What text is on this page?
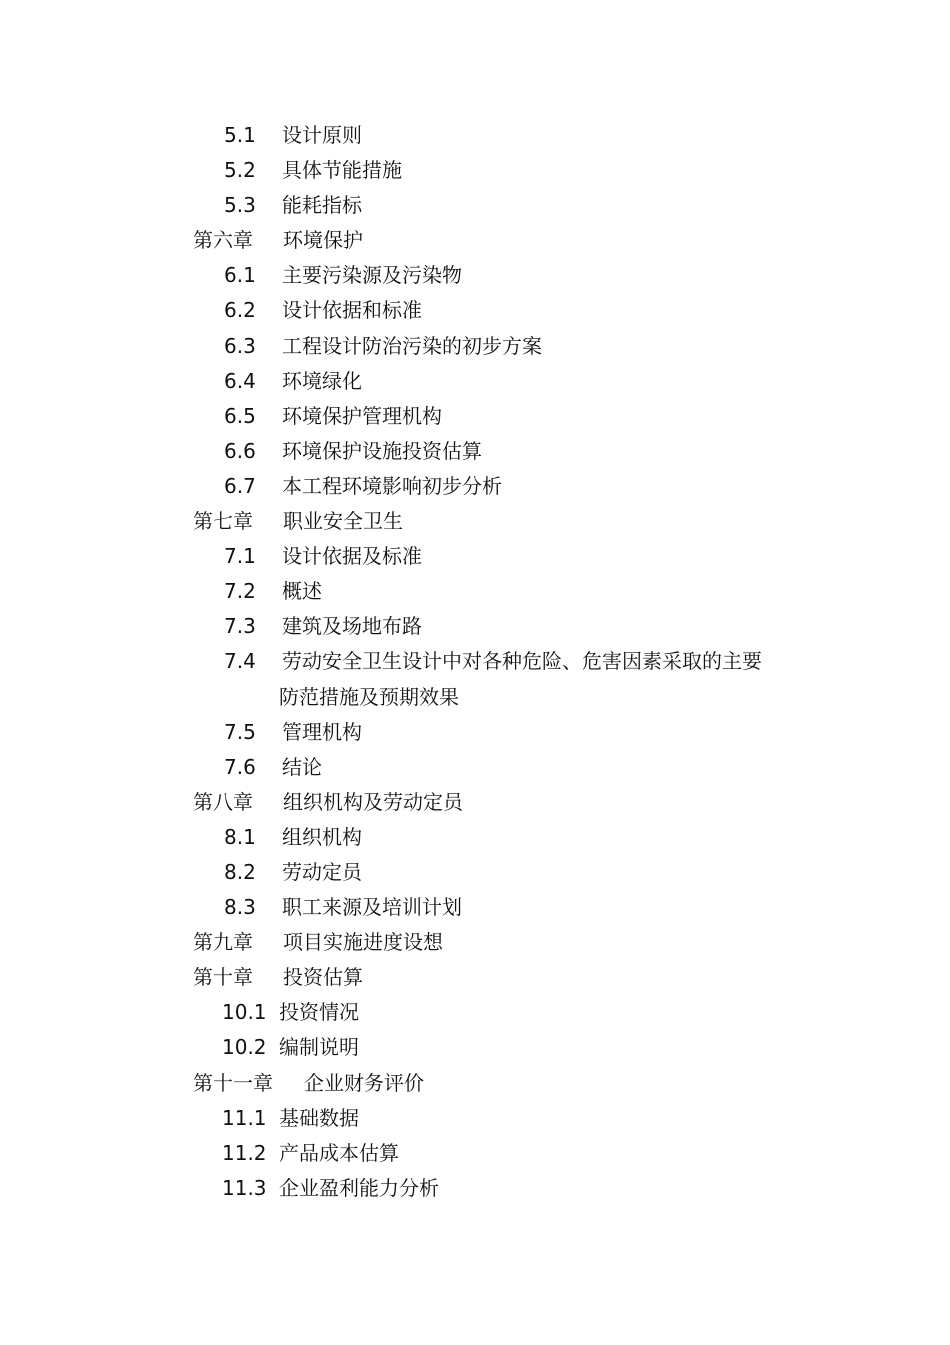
5.1 设计原则
5.2 具体节能措施
5.3 能耗指标
第六章 环境保护
6.1 主要污染源及污染物
6.2 设计依据和标准
6.3 工程设计防治污染的初步方案
6.4 环境绿化
6.5 环境保护管理机构
6.6 环境保护设施投资估算
6.7 本工程环境影响初步分析
第七章 职业安全卫生
7.1 设计依据及标准
7.2 概述
7.3 建筑及场地布路
7.4 劳动安全卫生设计中对各种危险、危害因素采取的主要
防范措施及预期效果
7.5 管理机构
7.6 结论
第八章 组织机构及劳动定员
8.1 组织机构
8.2 劳动定员
8.3 职工来源及培训计划
第九章 项目实施进度设想
第十章 投资估算
10.1 投资情况
10.2 编制说明
第十一章 企业财务评价
11.1 基础数据
11.2 产品成本估算
11.3 企业盈利能力分析
